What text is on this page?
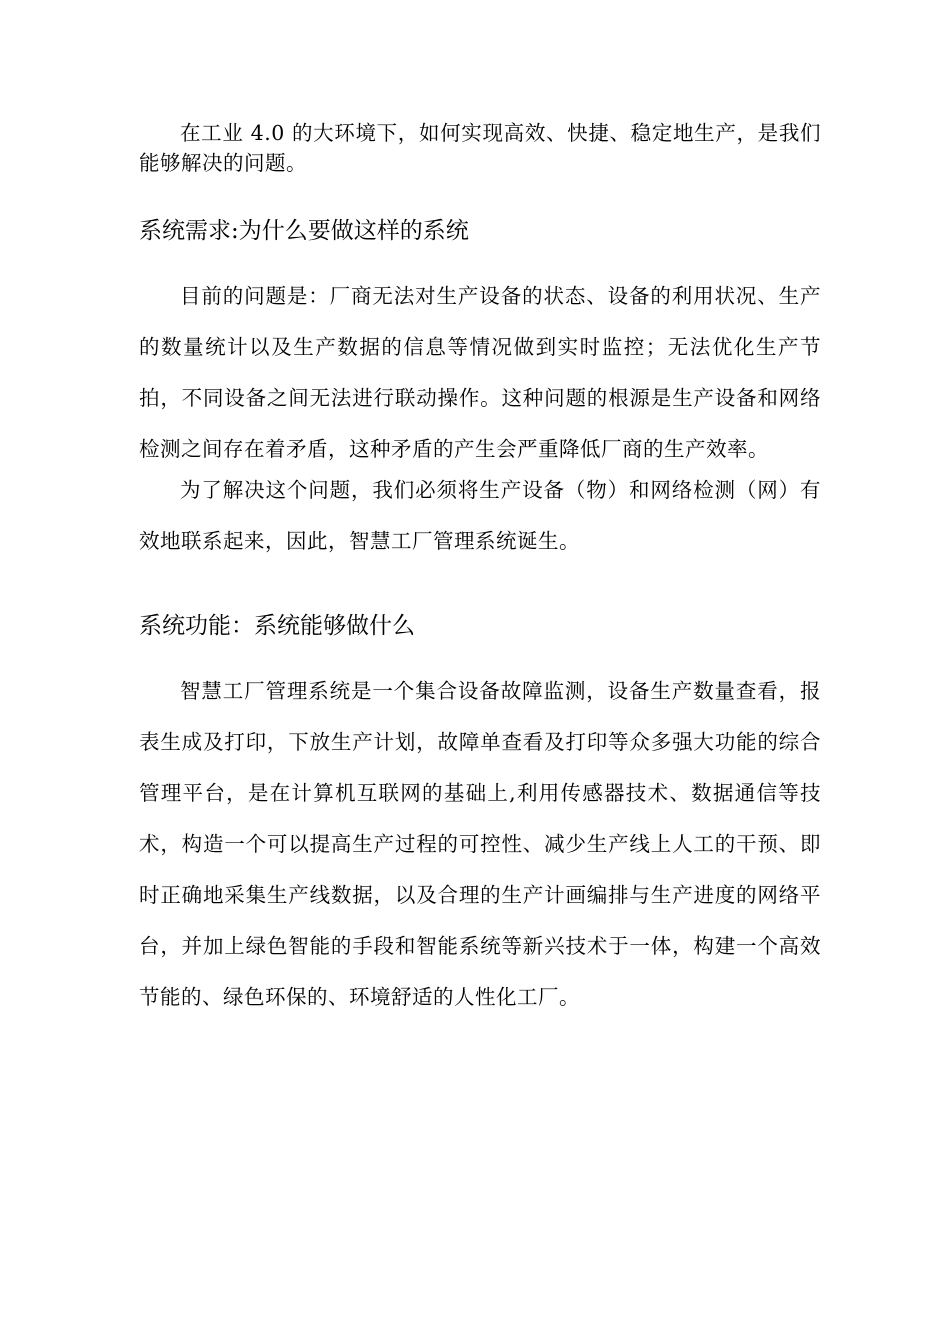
在工业 4.0 的大环境下，如何实现高效、快捷、稳定地生产，是我们能够解决的问题。

系统需求:为什么要做这样的系统

目前的问题是：厂商无法对生产设备的状态、设备的利用状况、生产的数量统计以及生产数据的信息等情况做到实时监控；无法优化生产节拍，不同设备之间无法进行联动操作。这种问题的根源是生产设备和网络检测之间存在着矛盾，这种矛盾的产生会严重降低厂商的生产效率。

为了解决这个问题，我们必须将生产设备（物）和网络检测（网）有效地联系起来，因此，智慧工厂管理系统诞生。

系统功能：系统能够做什么

智慧工厂管理系统是一个集合设备故障监测，设备生产数量查看，报表生成及打印，下放生产计划，故障单查看及打印等众多强大功能的综合管理平台，是在计算机互联网的基础上,利用传感器技术、数据通信等技术，构造一个可以提高生产过程的可控性、减少生产线上人工的干预、即时正确地采集生产线数据，以及合理的生产计画编排与生产进度的网络平台，并加上绿色智能的手段和智能系统等新兴技术于一体，构建一个高效节能的、绿色环保的、环境舒适的人性化工厂。
